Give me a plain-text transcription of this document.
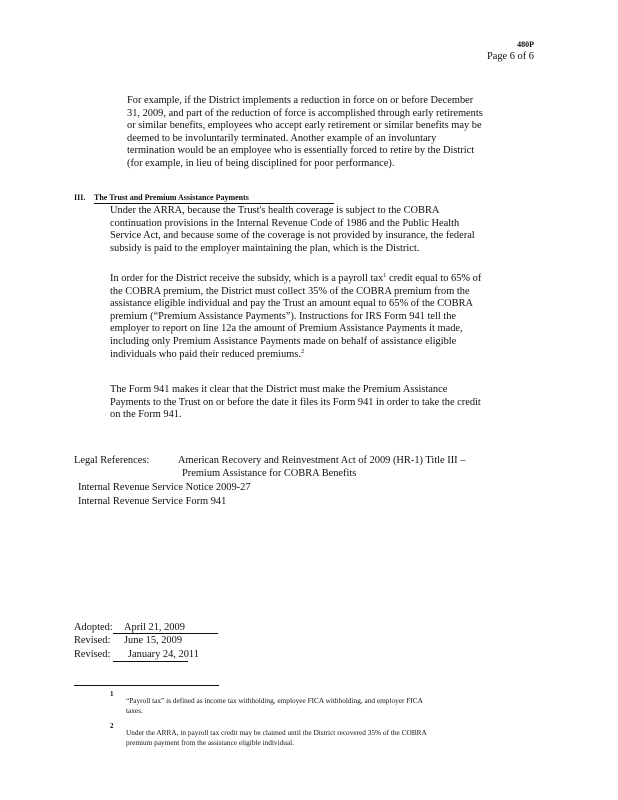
480P
Page 6 of 6
For example, if the District implements a reduction in force on or before December
31, 2009, and part of the reduction of force is accomplished through early retirements
or similar benefits, employees who accept early retirement or similar benefits may be
deemed to be involuntarily terminated. Another example of an involuntary
termination would be an employee who is essentially forced to retire by the District
(for example, in lieu of being disciplined for poor performance).
III. The Trust and Premium Assistance Payments
Under the ARRA, because the Trust's health coverage is subject to the COBRA
continuation provisions in the Internal Revenue Code of 1986 and the Public Health
Service Act, and because some of the coverage is not provided by insurance, the federal
subsidy is paid to the employer maintaining the plan, which is the District.
In order for the District receive the subsidy, which is a payroll tax$^1$ credit equal to 65% of
the COBRA premium, the District must collect 35% of the COBRA premium from the
assistance eligible individual and pay the Trust an amount equal to 65% of the COBRA
premium (“Premium Assistance Payments”). Instructions for IRS Form 941 tell the
employer to report on line 12a the amount of Premium Assistance Payments it made,
including only Premium Assistance Payments made on behalf of assistance eligible
individuals who paid their reduced premiums.$^2$
The Form 941 makes it clear that the District must make the Premium Assistance
Payments to the Trust on or before the date it files its Form 941 in order to take the credit
on the Form 941.
Legal References:	American Recovery and Reinvestment Act of 2009 (HR-1) Title III –
Premium Assistance for COBRA Benefits
Internal Revenue Service Notice 2009-27
Internal Revenue Service Form 941
Adopted: April 21, 2009
Revised: June 15, 2009
Revised: January 24, 2011
1
“Payroll tax” is defined as income tax withholding, employee FICA withholding, and employer FICA
taxes.
2
Under the ARRA, in payroll tax credit may be claimed until the District recovered 35% of the COBRA
premium payment from the assistance eligible individual.
